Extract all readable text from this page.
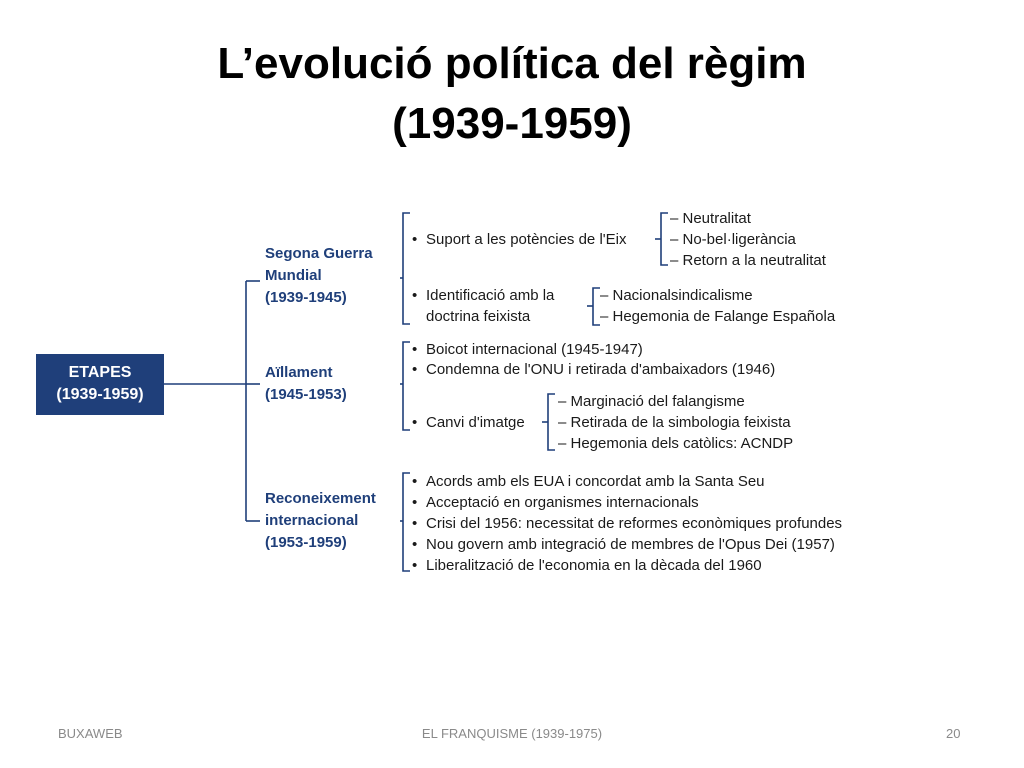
L’evolució política del règim
(1939-1959)
ETAPES
(1939-1959)
Segona Guerra
Mundial
(1939-1945)
• Suport a les potències de l'Eix
– Neutralitat
– No-bel·ligerància
– Retorn a la neutralitat
• Identificació amb la
doctrina feixista
– Nacionalsindicalisme
– Hegemonia de Falange Española
Aïllament
(1945-1953)
• Boicot internacional (1945-1947)
• Condemna de l'ONU i retirada d'ambaixadors (1946)
• Canvi d'imatge
– Marginació del falangisme
– Retirada de la simbologia feixista
– Hegemonia dels catòlics: ACNDP
Reconeixement
internacional
(1953-1959)
• Acords amb els EUA i concordat amb la Santa Seu
• Acceptació en organismes internacionals
• Crisi del 1956: necessitat de reformes econòmiques profundes
• Nou govern amb integració de membres de l'Opus Dei (1957)
• Liberalització de l'economia en la dècada del 1960
BUXAWEB	EL FRANQUISME (1939-1975)	20
